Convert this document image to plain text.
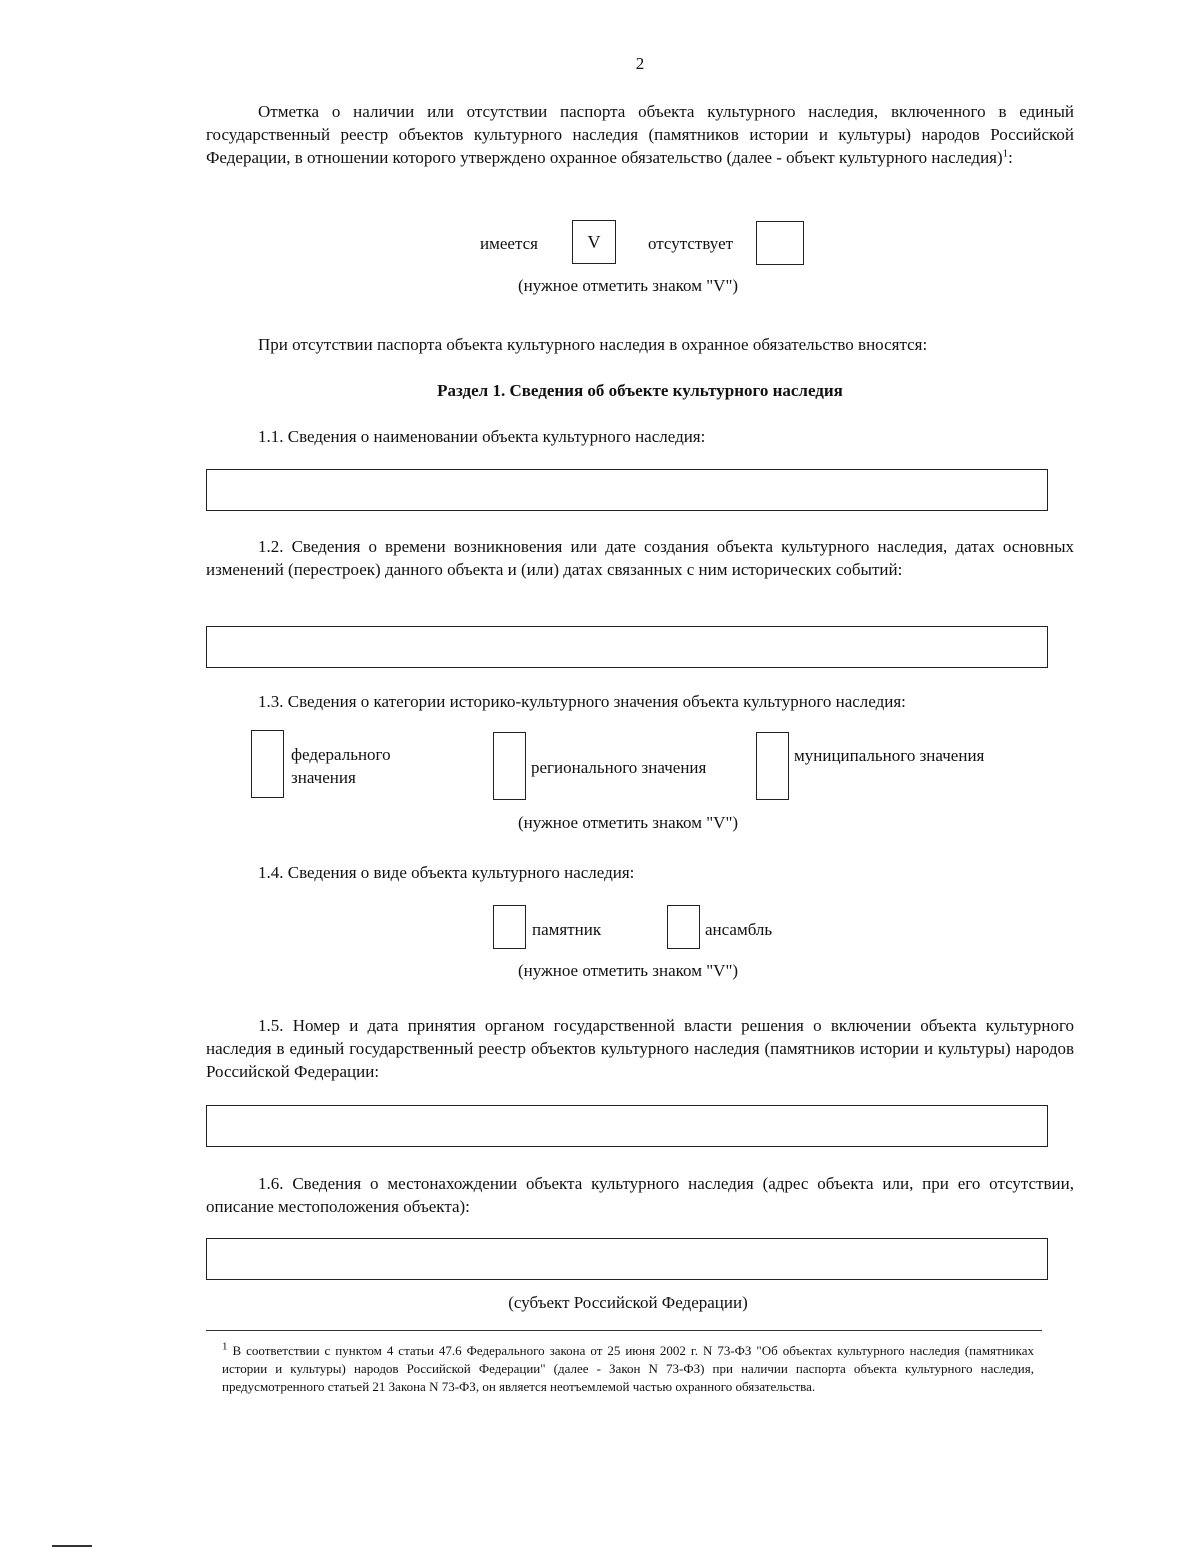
2
Отметка о наличии или отсутствии паспорта объекта культурного наследия, включенного в единый государственный реестр объектов культурного наследия (памятников истории и культуры) народов Российской Федерации, в отношении которого утверждено охранное обязательство (далее - объект культурного наследия)$^1$:
имеется	V	отсутствует
(нужное отметить знаком "V")
При отсутствии паспорта объекта культурного наследия в охранное обязательство вносятся:
Раздел 1. Сведения об объекте культурного наследия
1.1. Сведения о наименовании объекта культурного наследия:
1.2. Сведения о времени возникновения или дате создания объекта культурного наследия, датах основных изменений (перестроек) данного объекта и (или) датах связанных с ним исторических событий:
1.3. Сведения о категории историко-культурного значения объекта культурного наследия:
федерального
значения
регионального значения
муниципального значения
(нужное отметить знаком "V")
1.4. Сведения о виде объекта культурного наследия:
памятник	ансамбль
(нужное отметить знаком "V")
1.5. Номер и дата принятия органом государственной власти решения о включении объекта культурного наследия в единый государственный реестр объектов культурного наследия (памятников истории и культуры) народов Российской Федерации:
1.6. Сведения о местонахождении объекта культурного наследия (адрес объекта или, при его отсутствии, описание местоположения объекта):
(субъект Российской Федерации)
$^1$ В соответствии с пунктом 4 статьи 47.6 Федерального закона от 25 июня 2002 г. N 73-ФЗ "Об объектах культурного наследия (памятниках истории и культуры) народов Российской Федерации" (далее - Закон N 73-ФЗ) при наличии паспорта объекта культурного наследия, предусмотренного статьей 21 Закона N 73-ФЗ, он является неотъемлемой частью охранного обязательства.
